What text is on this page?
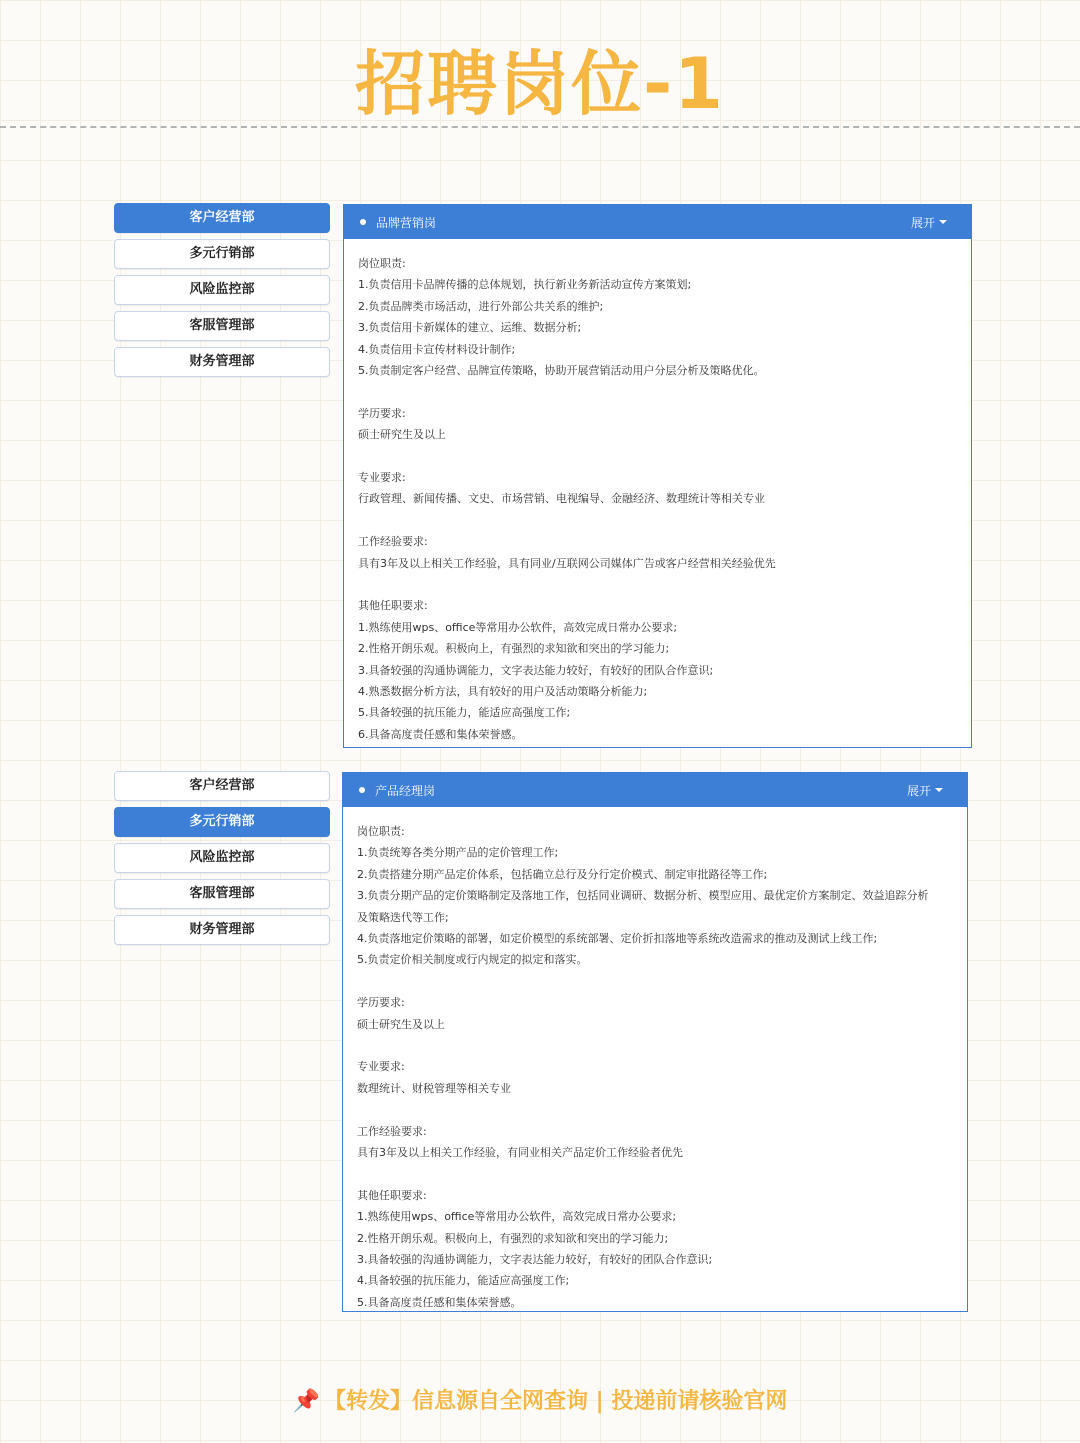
招聘岗位-1
客户经营部
多元行销部
风险监控部
客服管理部
财务管理部
品牌营销岗	展开
岗位职责:
1.负责信用卡品牌传播的总体规划，执行新业务新活动宣传方案策划;
2.负责品牌类市场活动，进行外部公共关系的维护;
3.负责信用卡新媒体的建立、运维、数据分析;
4.负责信用卡宣传材料设计制作;
5.负责制定客户经营、品牌宣传策略，协助开展营销活动用户分层分析及策略优化。
学历要求:
硕士研究生及以上
专业要求:
行政管理、新闻传播、文史、市场营销、电视编导、金融经济、数理统计等相关专业
工作经验要求:
具有3年及以上相关工作经验，具有同业/互联网公司媒体广告或客户经营相关经验优先
其他任职要求:
1.熟练使用wps、office等常用办公软件，高效完成日常办公要求;
2.性格开朗乐观。积极向上，有强烈的求知欲和突出的学习能力;
3.具备较强的沟通协调能力，文字表达能力较好，有较好的团队合作意识;
4.熟悉数据分析方法，具有较好的用户及活动策略分析能力;
5.具备较强的抗压能力，能适应高强度工作;
6.具备高度责任感和集体荣誉感。
客户经营部
多元行销部
风险监控部
客服管理部
财务管理部
产品经理岗	展开
岗位职责:
1.负责统筹各类分期产品的定价管理工作;
2.负责搭建分期产品定价体系，包括确立总行及分行定价模式、制定审批路径等工作;
3.负责分期产品的定价策略制定及落地工作，包括同业调研、数据分析、模型应用、最优定价方案制定、效益追踪分析
及策略迭代等工作;
4.负责落地定价策略的部署，如定价模型的系统部署、定价折扣落地等系统改造需求的推动及测试上线工作;
5.负责定价相关制度或行内规定的拟定和落实。
学历要求:
硕士研究生及以上
专业要求:
数理统计、财税管理等相关专业
工作经验要求:
具有3年及以上相关工作经验，有同业相关产品定价工作经验者优先
其他任职要求:
1.熟练使用wps、office等常用办公软件，高效完成日常办公要求;
2.性格开朗乐观。积极向上，有强烈的求知欲和突出的学习能力;
3.具备较强的沟通协调能力，文字表达能力较好，有较好的团队合作意识;
4.具备较强的抗压能力，能适应高强度工作;
5.具备高度责任感和集体荣誉感。
📌 【转发】信息源自全网查询 | 投递前请核验官网
